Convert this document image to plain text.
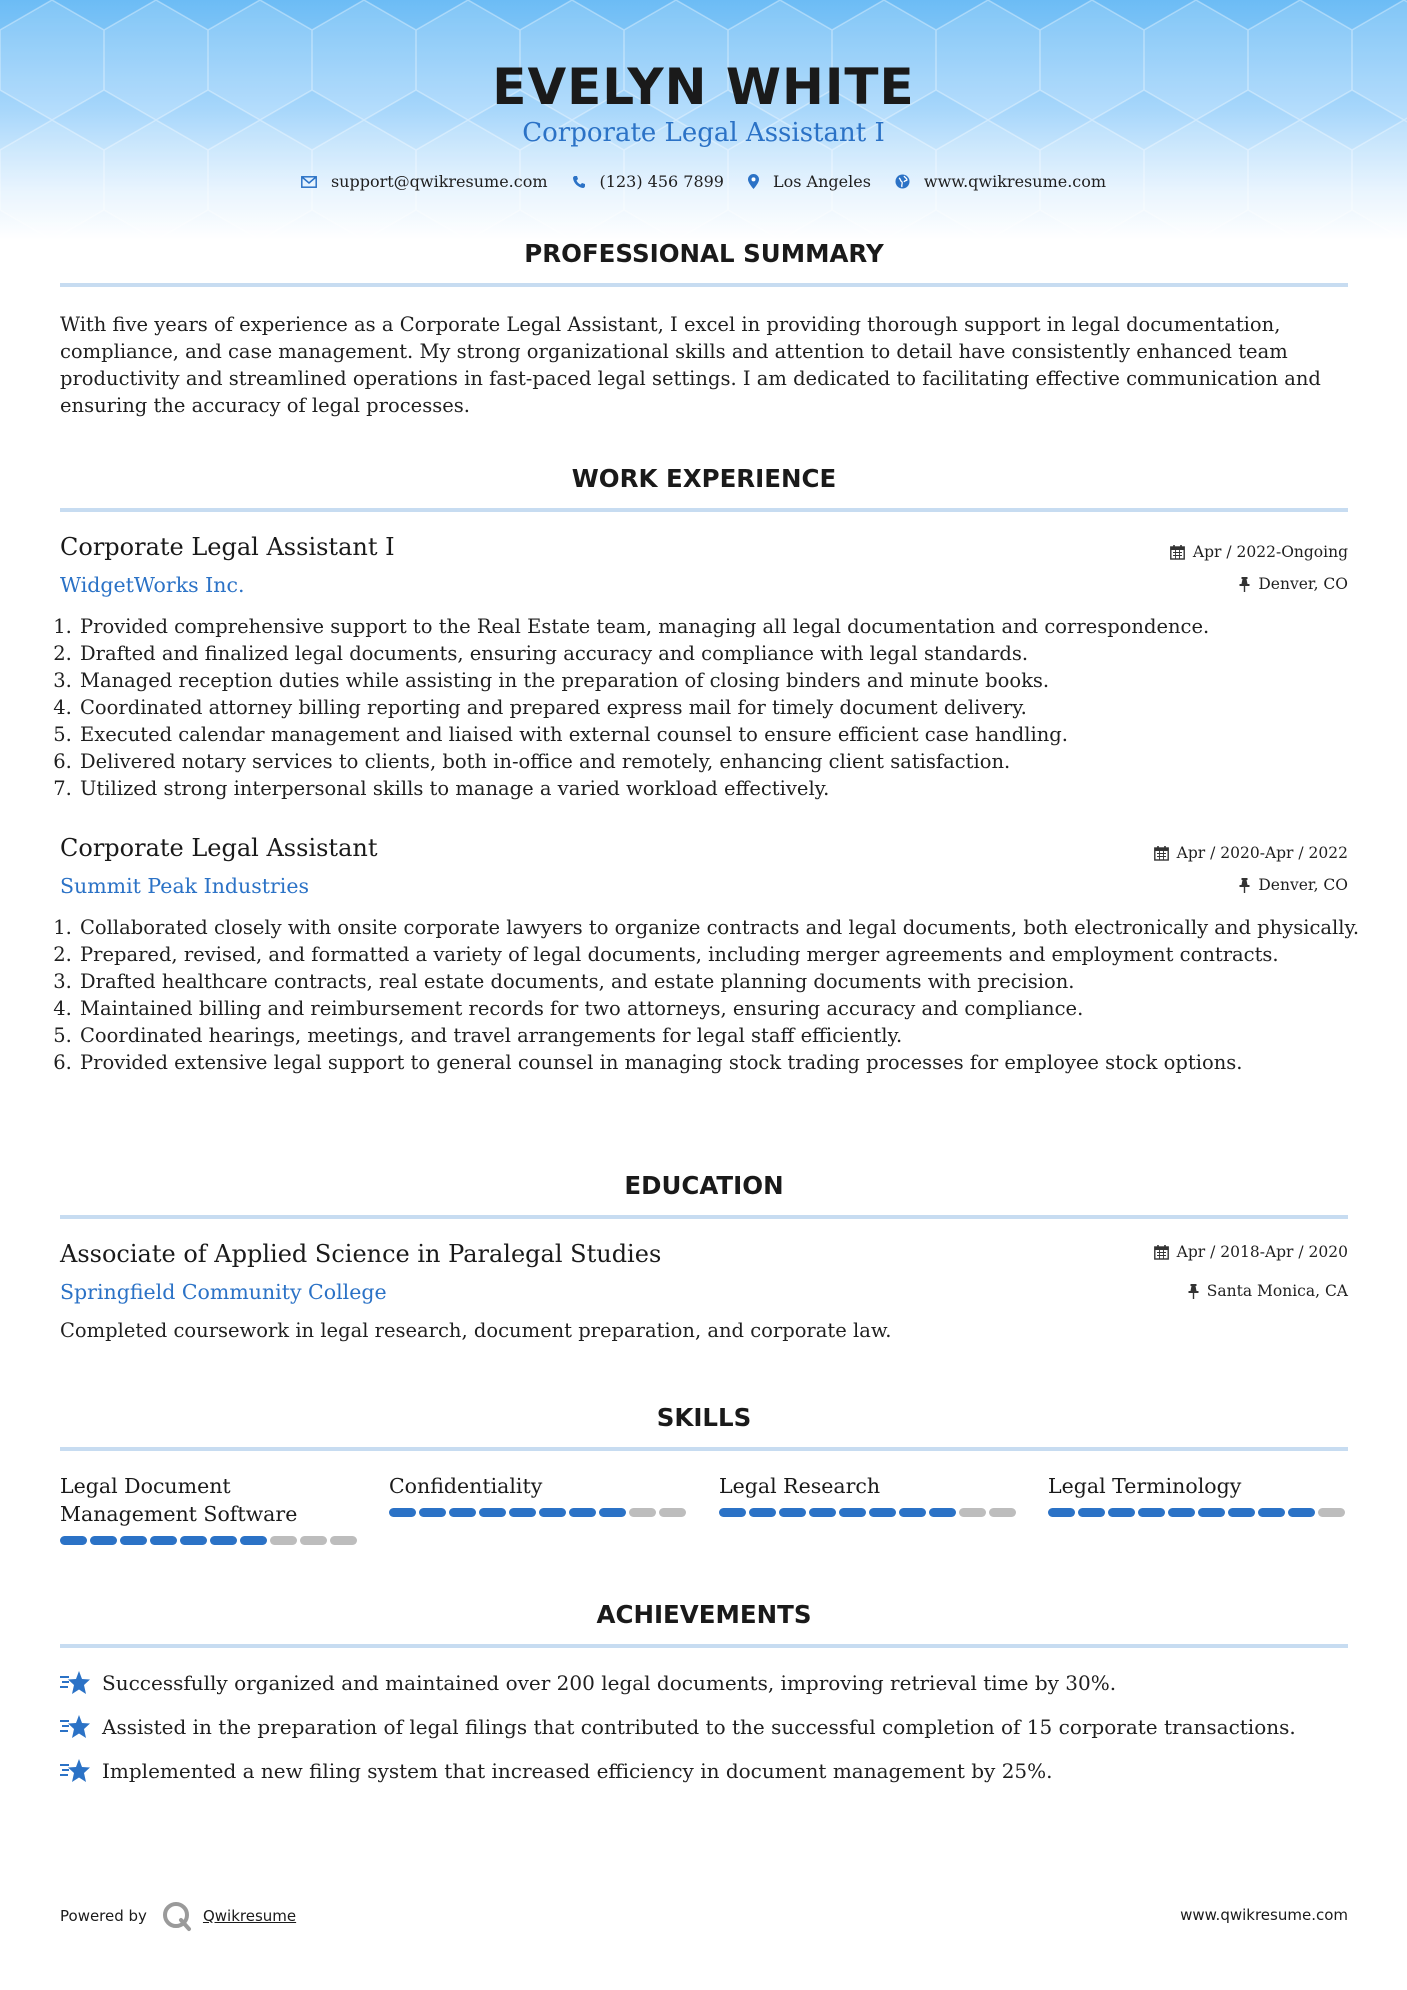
EVELYN WHITE
Corporate Legal Assistant I
support@qwikresume.com	(123) 456 7899	Los Angeles	www.qwikresume.com
PROFESSIONAL SUMMARY
With five years of experience as a Corporate Legal Assistant, I excel in providing thorough support in legal documentation, compliance, and case management. My strong organizational skills and attention to detail have consistently enhanced team productivity and streamlined operations in fast-paced legal settings. I am dedicated to facilitating effective communication and ensuring the accuracy of legal processes.
WORK EXPERIENCE
Corporate Legal Assistant I
WidgetWorks Inc.
Apr / 2022-Ongoing
Denver, CO
1. Provided comprehensive support to the Real Estate team, managing all legal documentation and correspondence.
2. Drafted and finalized legal documents, ensuring accuracy and compliance with legal standards.
3. Managed reception duties while assisting in the preparation of closing binders and minute books.
4. Coordinated attorney billing reporting and prepared express mail for timely document delivery.
5. Executed calendar management and liaised with external counsel to ensure efficient case handling.
6. Delivered notary services to clients, both in-office and remotely, enhancing client satisfaction.
7. Utilized strong interpersonal skills to manage a varied workload effectively.
Corporate Legal Assistant
Summit Peak Industries
Apr / 2020-Apr / 2022
Denver, CO
1. Collaborated closely with onsite corporate lawyers to organize contracts and legal documents, both electronically and physically.
2. Prepared, revised, and formatted a variety of legal documents, including merger agreements and employment contracts.
3. Drafted healthcare contracts, real estate documents, and estate planning documents with precision.
4. Maintained billing and reimbursement records for two attorneys, ensuring accuracy and compliance.
5. Coordinated hearings, meetings, and travel arrangements for legal staff efficiently.
6. Provided extensive legal support to general counsel in managing stock trading processes for employee stock options.
EDUCATION
Associate of Applied Science in Paralegal Studies
Springfield Community College
Apr / 2018-Apr / 2020
Santa Monica, CA
Completed coursework in legal research, document preparation, and corporate law.
SKILLS
Legal Document Management Software
Confidentiality	Legal Research	Legal Terminology
ACHIEVEMENTS
Successfully organized and maintained over 200 legal documents, improving retrieval time by 30%.
Assisted in the preparation of legal filings that contributed to the successful completion of 15 corporate transactions.
Implemented a new filing system that increased efficiency in document management by 25%.
Powered by	Qwikresume	www.qwikresume.com
